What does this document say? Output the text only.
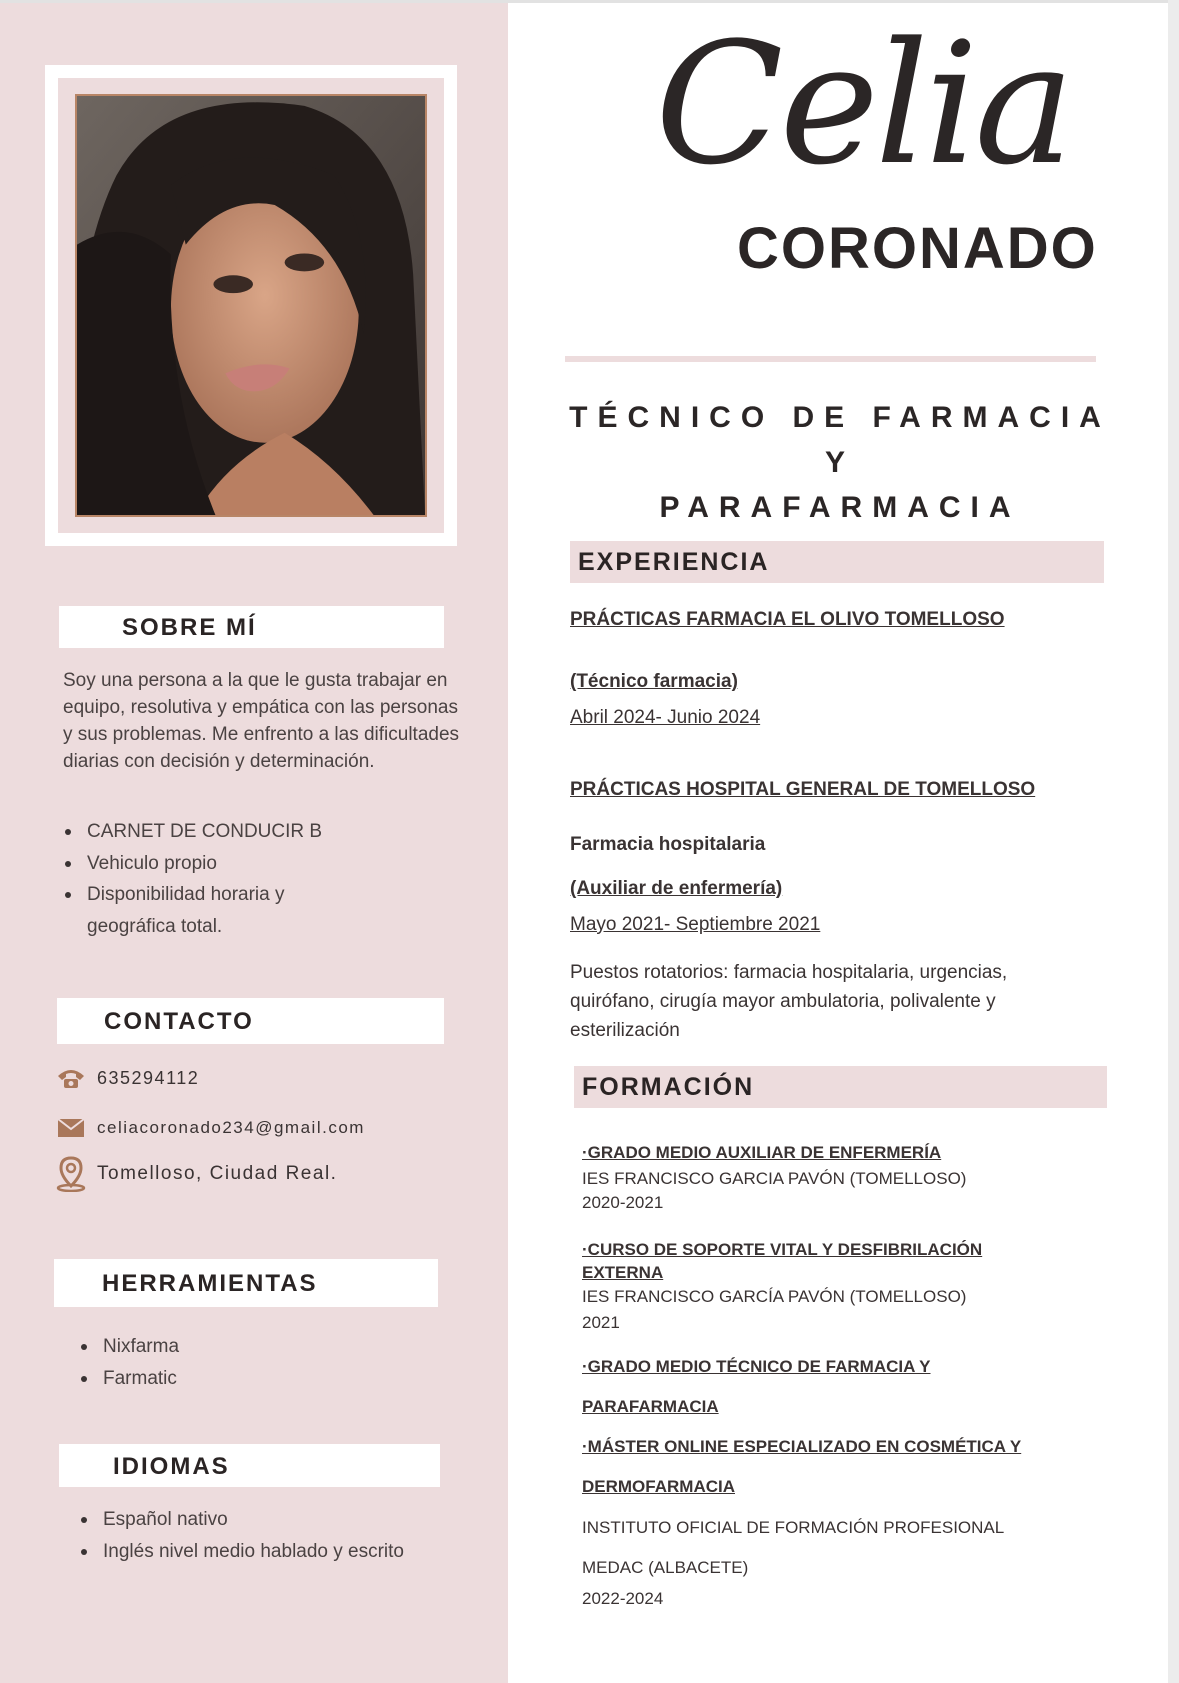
SOBRE MÍ
Soy una persona a la que le gusta trabajar en equipo, resolutiva y empática con las personas y sus problemas. Me enfrento a las dificultades diarias con decisión y determinación.
CARNET DE CONDUCIR B
Vehiculo propio
Disponibilidad horaria y
geográfica total.
CONTACTO
635294112
celiacoronado234@gmail.com
Tomelloso, Ciudad Real.
HERRAMIENTAS
Nixfarma
Farmatic
IDIOMAS
Español nativo
Inglés nivel medio hablado y escrito
Celia
CORONADO
TÉCNICO DE FARMACIA Y
PARAFARMACIA
EXPERIENCIA
PRÁCTICAS FARMACIA EL OLIVO TOMELLOSO
(Técnico farmacia)
Abril 2024- Junio 2024
PRÁCTICAS HOSPITAL GENERAL DE TOMELLOSO
Farmacia hospitalaria
(Auxiliar de enfermería)
Mayo 2021- Septiembre 2021
Puestos rotatorios: farmacia hospitalaria, urgencias,
quirófano, cirugía mayor ambulatoria, polivalente y
esterilización
FORMACIÓN
·GRADO MEDIO AUXILIAR DE ENFERMERÍA
IES FRANCISCO GARCIA PAVÓN (TOMELLOSO)
2020-2021
·CURSO DE SOPORTE VITAL Y DESFIBRILACIÓN
EXTERNA
IES FRANCISCO GARCÍA PAVÓN (TOMELLOSO)
2021
·GRADO MEDIO TÉCNICO DE FARMACIA Y
PARAFARMACIA
·MÁSTER ONLINE ESPECIALIZADO EN COSMÉTICA Y
DERMOFARMACIA
INSTITUTO OFICIAL DE FORMACIÓN PROFESIONAL
MEDAC (ALBACETE)
2022-2024
